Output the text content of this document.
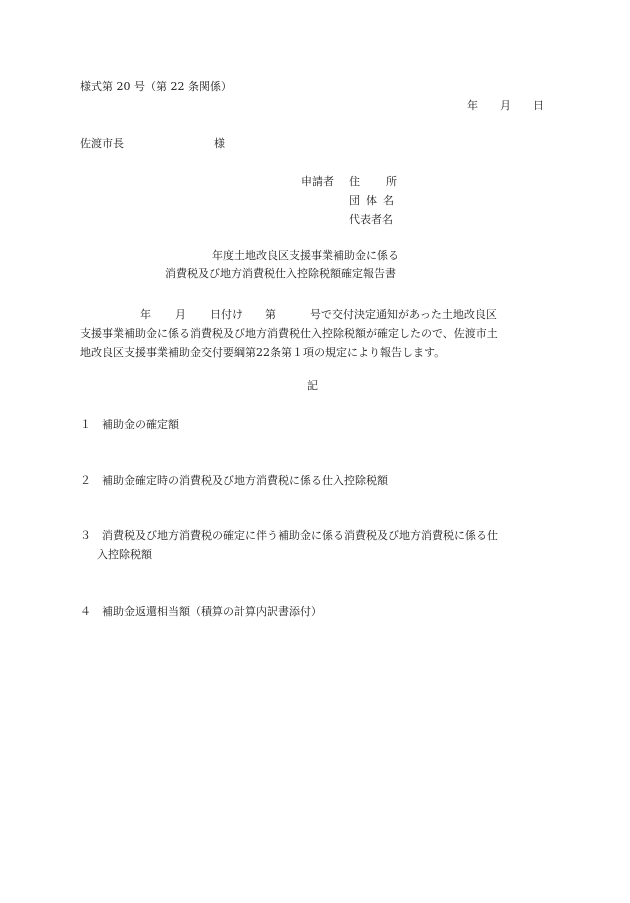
様式第 20 号（第 22 条関係）
年 月 日
佐渡市長	様
申請者 住所
団体名
代表者名
年度土地改良区支援事業補助金に係る
消費税及び地方消費税仕入控除税額確定報告書
年 月 日付け 第	号で交付決定通知があった土地改良区
支援事業補助金に係る消費税及び地方消費税仕入控除税額が確定したので、佐渡市土
地改良区支援事業補助金交付要綱第22条第１項の規定により報告します。
記
１ 補助金の確定額
２ 補助金確定時の消費税及び地方消費税に係る仕入控除税額
３ 消費税及び地方消費税の確定に伴う補助金に係る消費税及び地方消費税に係る仕
入控除税額
４ 補助金返還相当額（積算の計算内訳書添付）
